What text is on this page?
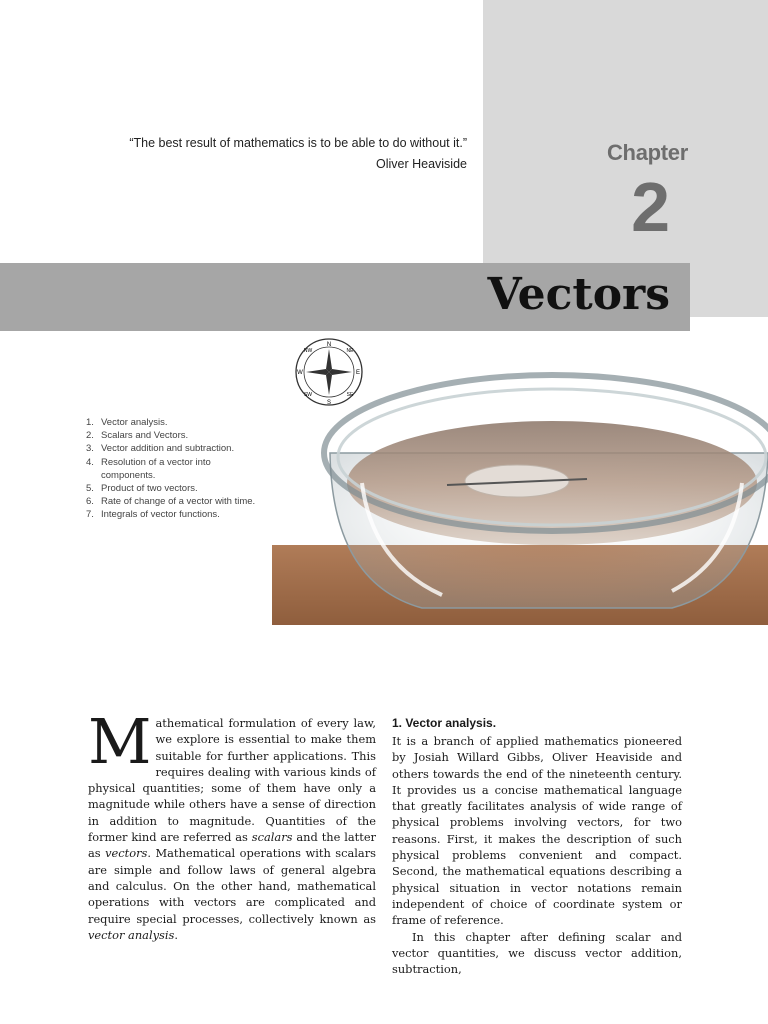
Chapter
2

“The best result of mathematics is to be able to do without it.”

Oliver Heaviside

Vectors
N
E
S
W
NE
SE
SW
NW
1. Vector analysis.
2. Scalars and Vectors.
3. Vector addition and subtraction.
4. Resolution of a vector into components.
5. Product of two vectors.
6. Rate of change of a vector with time.
7. Integrals of vector functions.
M athematical formulation of every law, we explore is essential to make them suitable for further applications. This requires dealing with various kinds of physical quantities; some of them have only a magnitude while others have a sense of direction in addition to magnitude. Quantities of the former kind are referred as scalars and the latter as vectors. Mathematical operations with scalars are simple and follow laws of general algebra and calculus. On the other hand, mathematical operations with vectors are complicated and require special processes, collectively known as vector analysis.

1. Vector analysis.

It is a branch of applied mathematics pioneered by Josiah Willard Gibbs, Oliver Heaviside and others towards the end of the nineteenth century. It provides us a concise mathematical language that greatly facilitates analysis of wide range of physical problems involving vectors, for two reasons. First, it makes the description of such physical problems convenient and compact. Second, the mathematical equations describing a physical situation in vector notations remain independent of choice of coordinate system or frame of reference.

In this chapter after defining scalar and vector quantities, we discuss vector addition, subtraction,
